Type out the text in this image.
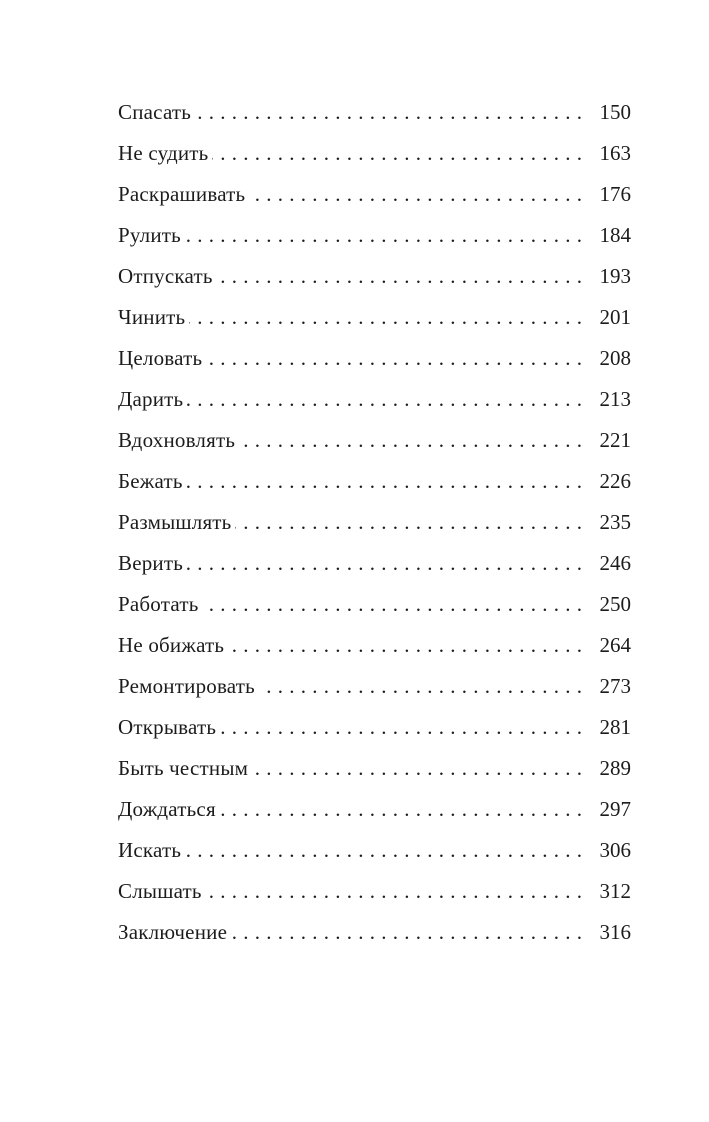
Спасать . . .	150
Не судить . . .	163
Раскрашивать . . .	176
Рулить . . .	184
Отпускать . . .	193
Чинить . . .	201
Целовать . . .	208
Дарить . . .	213
Вдохновлять . . .	221
Бежать . . .	226
Размышлять . . .	235
Верить . . .	246
Работать . . .	250
Не обижать . . .	264
Ремонтировать . . .	273
Открывать . . .	281
Быть честным . . .	289
Дождаться . . .	297
Искать . . .	306
Слышать . . .	312
Заключение . . .	316
